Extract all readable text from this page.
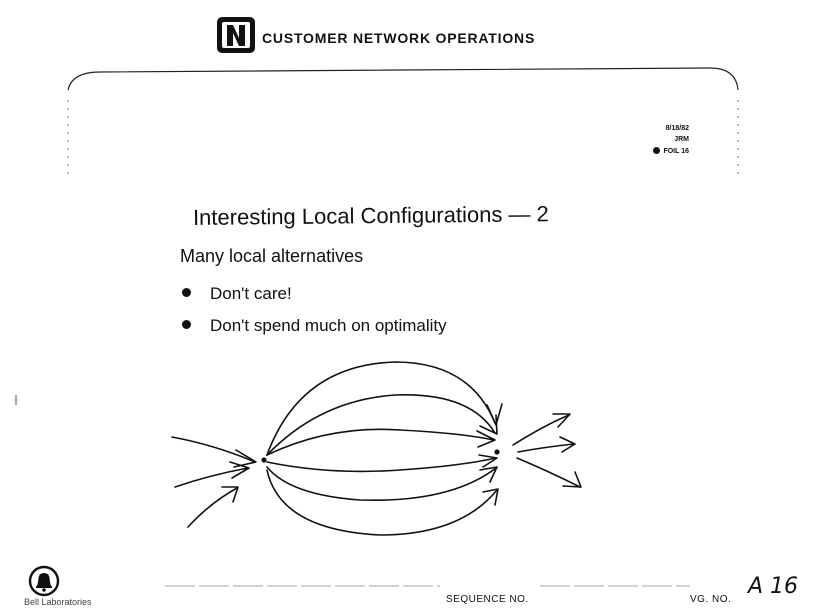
CUSTOMER NETWORK OPERATIONS
8/18/82
JRM
FOIL 16
Interesting Local Configurations — 2
Many local alternatives
Don't care!
Don't spend much on optimality
Bell Laboratories	SEQUENCE NO.	VG. NO.
A 16
